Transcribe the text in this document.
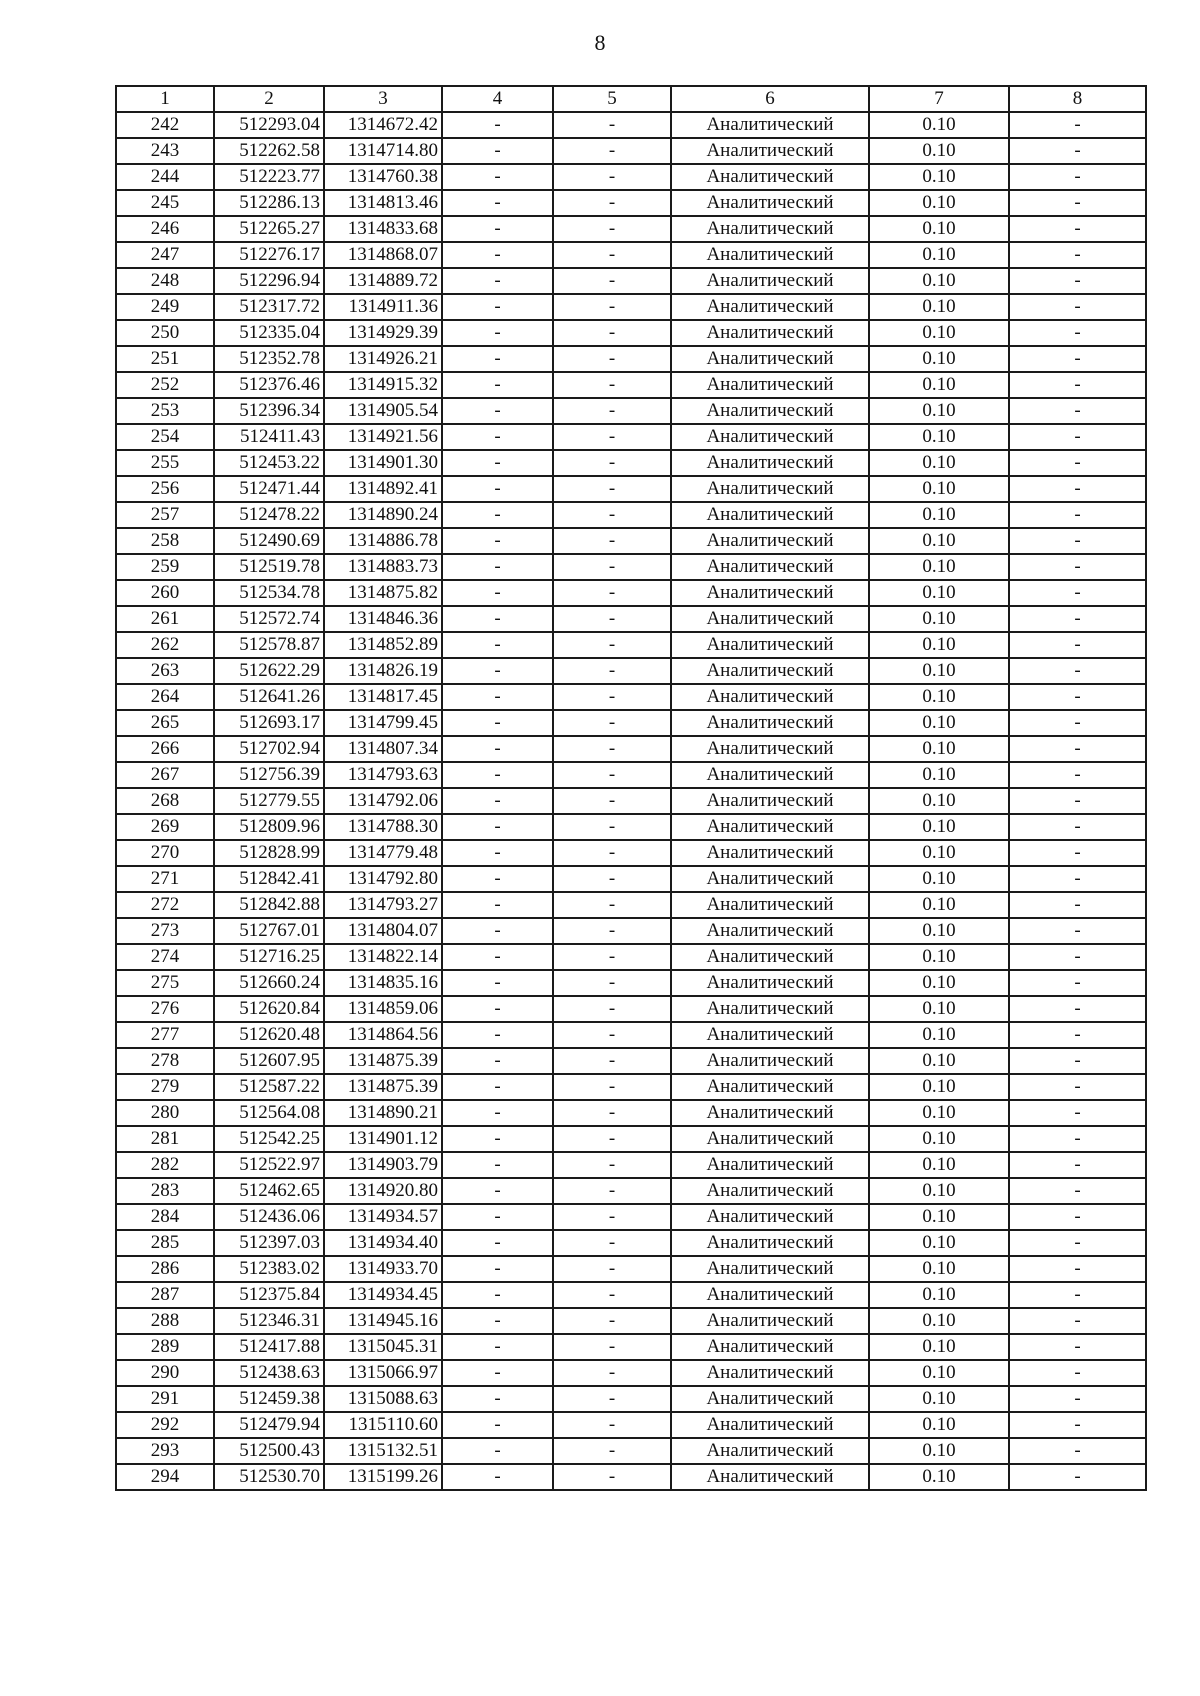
8
1	2	3	4	5	6	7	8
242	512293.04	1314672.42	-	-	Аналитический	0.10	-
243	512262.58	1314714.80	-	-	Аналитический	0.10	-
244	512223.77	1314760.38	-	-	Аналитический	0.10	-
245	512286.13	1314813.46	-	-	Аналитический	0.10	-
246	512265.27	1314833.68	-	-	Аналитический	0.10	-
247	512276.17	1314868.07	-	-	Аналитический	0.10	-
248	512296.94	1314889.72	-	-	Аналитический	0.10	-
249	512317.72	1314911.36	-	-	Аналитический	0.10	-
250	512335.04	1314929.39	-	-	Аналитический	0.10	-
251	512352.78	1314926.21	-	-	Аналитический	0.10	-
252	512376.46	1314915.32	-	-	Аналитический	0.10	-
253	512396.34	1314905.54	-	-	Аналитический	0.10	-
254	512411.43	1314921.56	-	-	Аналитический	0.10	-
255	512453.22	1314901.30	-	-	Аналитический	0.10	-
256	512471.44	1314892.41	-	-	Аналитический	0.10	-
257	512478.22	1314890.24	-	-	Аналитический	0.10	-
258	512490.69	1314886.78	-	-	Аналитический	0.10	-
259	512519.78	1314883.73	-	-	Аналитический	0.10	-
260	512534.78	1314875.82	-	-	Аналитический	0.10	-
261	512572.74	1314846.36	-	-	Аналитический	0.10	-
262	512578.87	1314852.89	-	-	Аналитический	0.10	-
263	512622.29	1314826.19	-	-	Аналитический	0.10	-
264	512641.26	1314817.45	-	-	Аналитический	0.10	-
265	512693.17	1314799.45	-	-	Аналитический	0.10	-
266	512702.94	1314807.34	-	-	Аналитический	0.10	-
267	512756.39	1314793.63	-	-	Аналитический	0.10	-
268	512779.55	1314792.06	-	-	Аналитический	0.10	-
269	512809.96	1314788.30	-	-	Аналитический	0.10	-
270	512828.99	1314779.48	-	-	Аналитический	0.10	-
271	512842.41	1314792.80	-	-	Аналитический	0.10	-
272	512842.88	1314793.27	-	-	Аналитический	0.10	-
273	512767.01	1314804.07	-	-	Аналитический	0.10	-
274	512716.25	1314822.14	-	-	Аналитический	0.10	-
275	512660.24	1314835.16	-	-	Аналитический	0.10	-
276	512620.84	1314859.06	-	-	Аналитический	0.10	-
277	512620.48	1314864.56	-	-	Аналитический	0.10	-
278	512607.95	1314875.39	-	-	Аналитический	0.10	-
279	512587.22	1314875.39	-	-	Аналитический	0.10	-
280	512564.08	1314890.21	-	-	Аналитический	0.10	-
281	512542.25	1314901.12	-	-	Аналитический	0.10	-
282	512522.97	1314903.79	-	-	Аналитический	0.10	-
283	512462.65	1314920.80	-	-	Аналитический	0.10	-
284	512436.06	1314934.57	-	-	Аналитический	0.10	-
285	512397.03	1314934.40	-	-	Аналитический	0.10	-
286	512383.02	1314933.70	-	-	Аналитический	0.10	-
287	512375.84	1314934.45	-	-	Аналитический	0.10	-
288	512346.31	1314945.16	-	-	Аналитический	0.10	-
289	512417.88	1315045.31	-	-	Аналитический	0.10	-
290	512438.63	1315066.97	-	-	Аналитический	0.10	-
291	512459.38	1315088.63	-	-	Аналитический	0.10	-
292	512479.94	1315110.60	-	-	Аналитический	0.10	-
293	512500.43	1315132.51	-	-	Аналитический	0.10	-
294	512530.70	1315199.26	-	-	Аналитический	0.10	-
